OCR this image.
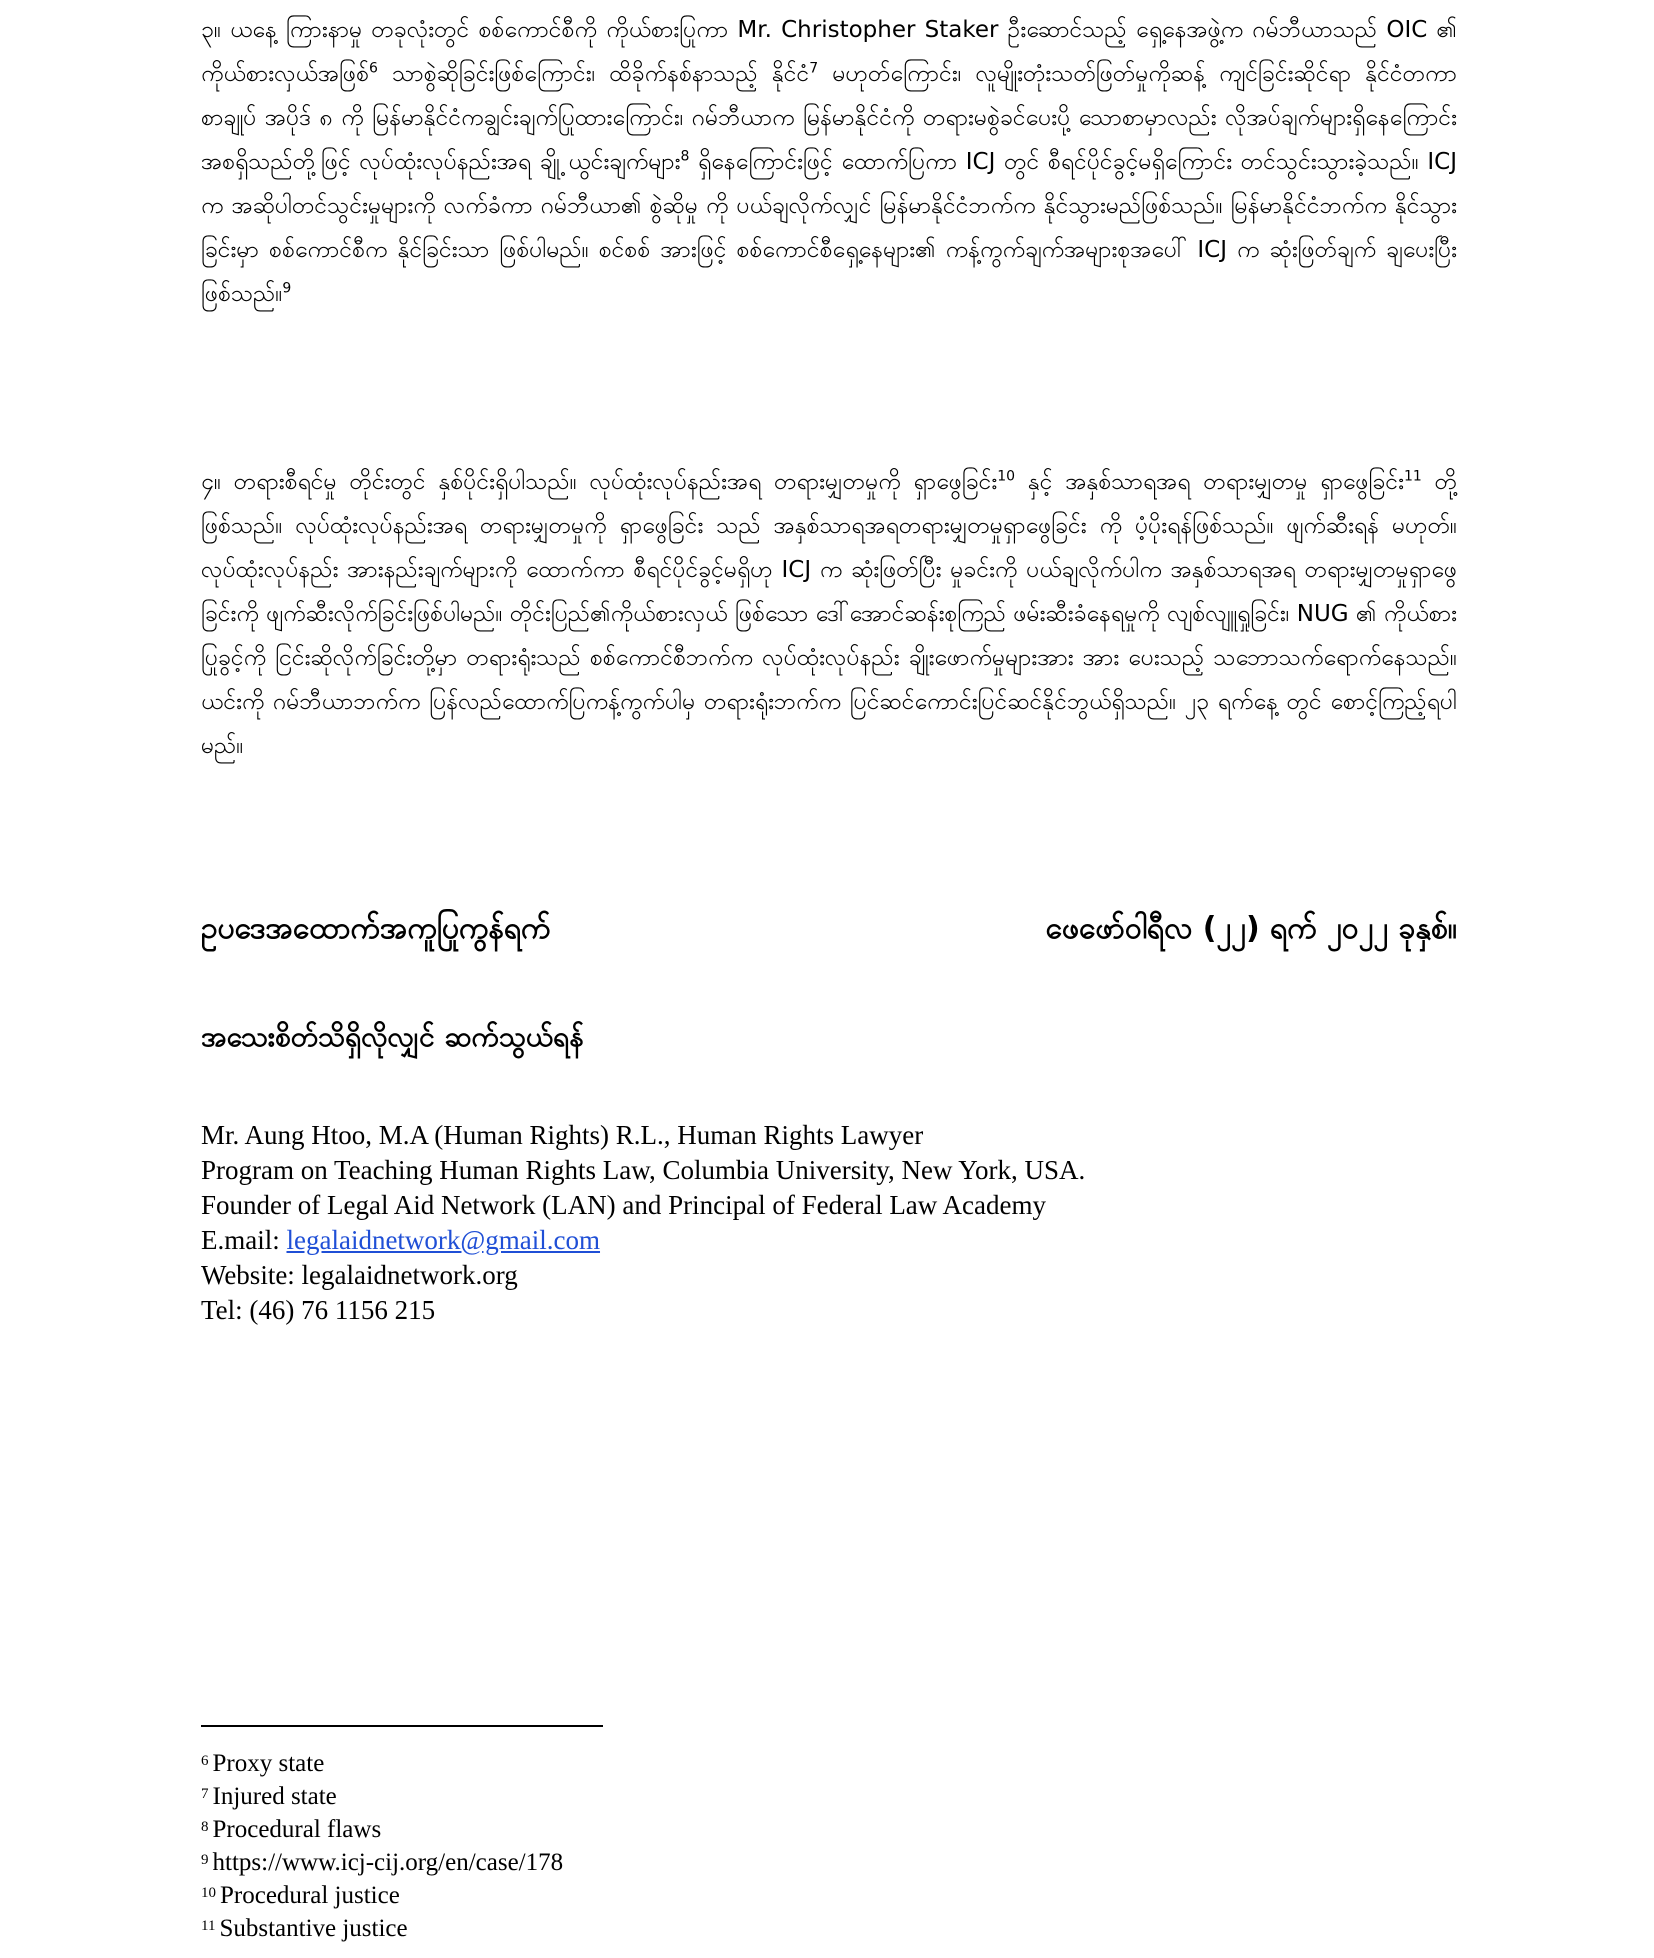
၃။ ယနေ့ ကြားနာမှု တခုလုံးတွင် စစ်ကောင်စီကို ကိုယ်စားပြုကာ Mr. Christopher Staker ဦးဆောင်သည့် ရှေ့နေအဖွဲ့က ဂမ်ဘီယာသည် OIC ၏ ကိုယ်စားလှယ်အဖြစ်$^6$ သာစွဲဆိုခြင်းဖြစ်ကြောင်း၊ ထိခိုက်နစ်နာသည့် နိုင်ငံ$^7$ မဟုတ်ကြောင်း၊ လူမျိုးတုံးသတ်ဖြတ်မှုကိုဆန့် ကျင်ခြင်းဆိုင်ရာ နိုင်ငံတကာစာချုပ် အပိုဒ် ၈ ကို မြန်မာနိုင်ငံကချွင်းချက်ပြုထားကြောင်း၊ ဂမ်ဘီယာက မြန်မာနိုင်ငံကို တရားမစွဲခင်ပေးပို့ သောစာမှာလည်း လိုအပ်ချက်များရှိနေကြောင်း အစရှိသည်တို့ဖြင့် လုပ်ထုံးလုပ်နည်းအရ ချို့ ယွင်းချက်များ$^8$ ရှိနေကြောင်းဖြင့် ထောက်ပြကာ ICJ တွင် စီရင်ပိုင်ခွင့်မရှိကြောင်း တင်သွင်းသွားခဲ့သည်။ ICJ က အဆိုပါတင်သွင်းမှုများကို လက်ခံကာ ဂမ်ဘီယာ၏ စွဲဆိုမှု ကို ပယ်ချလိုက်လျှင် မြန်မာနိုင်ငံဘက်က နိုင်သွားမည်ဖြစ်သည်။ မြန်မာနိုင်ငံဘက်က နိုင်သွားခြင်းမှာ စစ်ကောင်စီက နိုင်ခြင်းသာ ဖြစ်ပါမည်။ စင်စစ် အားဖြင့် စစ်ကောင်စီရှေ့နေများ၏ ကန့်ကွက်ချက်အများစုအပေါ် ICJ က ဆုံးဖြတ်ချက် ချပေးပြီးဖြစ်သည်။$^9$

၄။ တရားစီရင်မှု တိုင်းတွင် နှစ်ပိုင်းရှိပါသည်။ လုပ်ထုံးလုပ်နည်းအရ တရားမျှတမှုကို ရှာဖွေခြင်း$^{10}$ နှင့် အနှစ်သာရအရ တရားမျှတမှု ရှာဖွေခြင်း$^{11}$ တို့ဖြစ်သည်။ လုပ်ထုံးလုပ်နည်းအရ တရားမျှတမှုကို ရှာဖွေခြင်း သည် အနှစ်သာရအရတရားမျှတမှုရှာဖွေခြင်း ကို ပံ့ပိုးရန်ဖြစ်သည်။ ဖျက်ဆီးရန် မဟုတ်။ လုပ်ထုံးလုပ်နည်း အားနည်းချက်များကို ထောက်ကာ စီရင်ပိုင်ခွင့်မရှိဟု ICJ က ဆုံးဖြတ်ပြီး မှုခင်းကို ပယ်ချလိုက်ပါက အနှစ်သာရအရ တရားမျှတမှုရှာဖွေခြင်းကို ဖျက်ဆီးလိုက်ခြင်းဖြစ်ပါမည်။ တိုင်းပြည်၏ကိုယ်စားလှယ် ဖြစ်သော ဒေါ်အောင်ဆန်းစုကြည် ဖမ်းဆီးခံနေရမှုကို လျစ်လျူရှုခြင်း၊ NUG ၏ ကိုယ်စားပြုခွင့်ကို ငြင်းဆိုလိုက်ခြင်းတို့မှာ တရားရုံးသည် စစ်ကောင်စီဘက်က လုပ်ထုံးလုပ်နည်း ချိုးဖောက်မှုများအား အား ပေးသည့် သဘောသက်ရောက်နေသည်။ ယင်းကို ဂမ်ဘီယာဘက်က ပြန်လည်ထောက်ပြကန့်ကွက်ပါမှ တရားရုံးဘက်က ပြင်ဆင်ကောင်းပြင်ဆင်နိုင်ဘွယ်ရှိသည်။ ၂၃ ရက်နေ့ တွင် စောင့်ကြည့်ရပါမည်။

ဥပဒေအထောက်အကူပြုကွန်ရက်	ဖေဖော်ဝါရီလ (၂၂) ရက် ၂၀၂၂ ခုနှစ်။
အသေးစိတ်သိရှိလိုလျှင် ဆက်သွယ်ရန်
Mr. Aung Htoo, M.A (Human Rights) R.L., Human Rights Lawyer
Program on Teaching Human Rights Law, Columbia University, New York, USA.
Founder of Legal Aid Network (LAN) and Principal of Federal Law Academy
E.mail: legalaidnetwork@gmail.com
Website: legalaidnetwork.org
Tel: (46) 76 1156 215
$^6$ Proxy state
$^7$ Injured state
$^8$ Procedural flaws
$^9$ https://www.icj-cij.org/en/case/178
$^{10}$ Procedural justice
$^{11}$ Substantive justice
